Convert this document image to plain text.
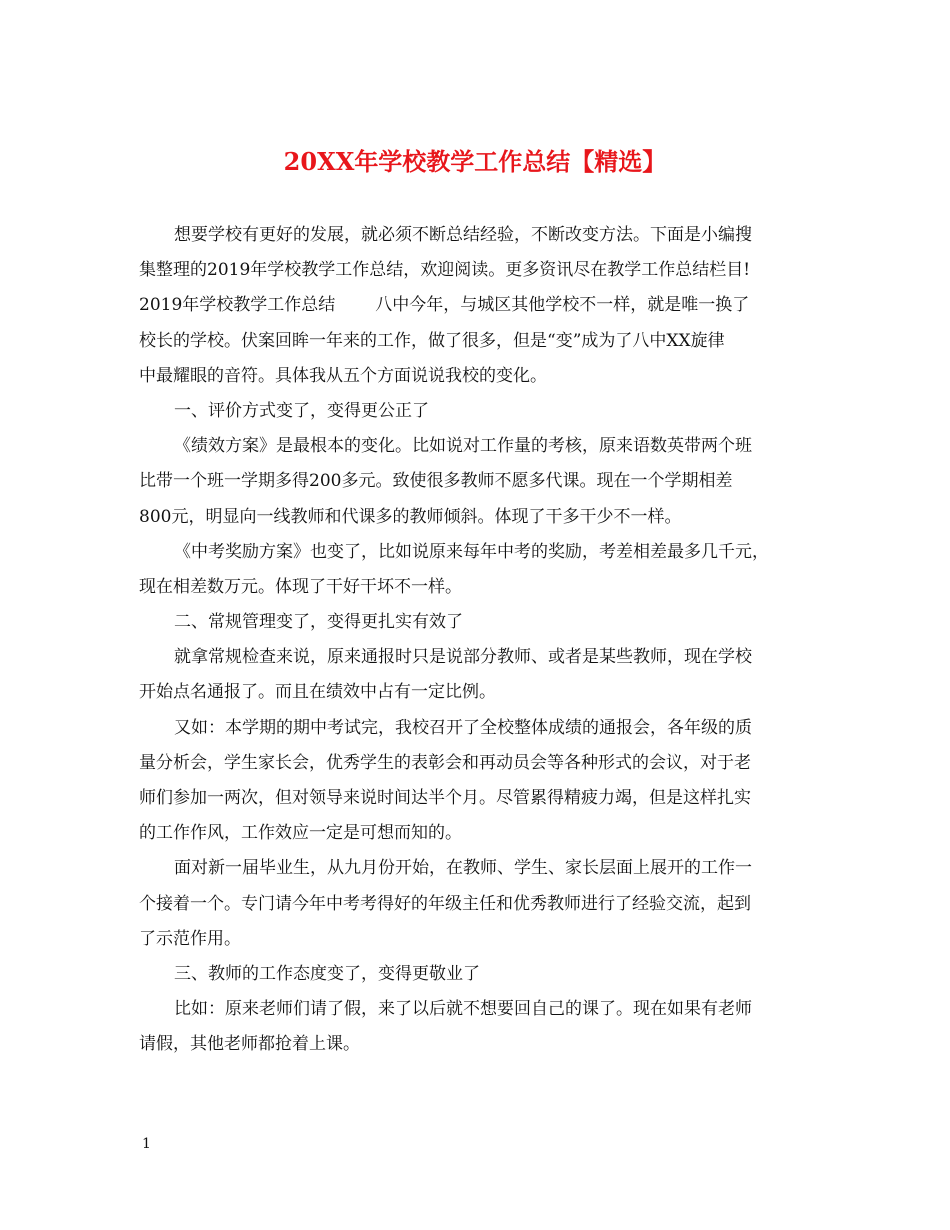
20XX年学校教学工作总结【精选】

想要学校有更好的发展，就必须不断总结经验，不断改变方法。下面是小编搜

集整理的2019年学校教学工作总结，欢迎阅读。更多资讯尽在教学工作总结栏目!

2019年学校教学工作总结 八中今年，与城区其他学校不一样，就是唯一换了

校长的学校。伏案回眸一年来的工作，做了很多，但是“变”成为了八中XX旋律

中最耀眼的音符。具体我从五个方面说说我校的变化。

一、评价方式变了，变得更公正了

《绩效方案》是最根本的变化。比如说对工作量的考核，原来语数英带两个班

比带一个班一学期多得200多元。致使很多教师不愿多代课。现在一个学期相差

800元，明显向一线教师和代课多的教师倾斜。体现了干多干少不一样。

《中考奖励方案》也变了，比如说原来每年中考的奖励，考差相差最多几千元，

现在相差数万元。体现了干好干坏不一样。

二、常规管理变了，变得更扎实有效了

就拿常规检查来说，原来通报时只是说部分教师、或者是某些教师，现在学校

开始点名通报了。而且在绩效中占有一定比例。

又如：本学期的期中考试完，我校召开了全校整体成绩的通报会，各年级的质

量分析会，学生家长会，优秀学生的表彰会和再动员会等各种形式的会议，对于老

师们参加一两次，但对领导来说时间达半个月。尽管累得精疲力竭，但是这样扎实

的工作作风，工作效应一定是可想而知的。

面对新一届毕业生，从九月份开始，在教师、学生、家长层面上展开的工作一

个接着一个。专门请今年中考考得好的年级主任和优秀教师进行了经验交流，起到

了示范作用。

三、教师的工作态度变了，变得更敬业了

比如：原来老师们请了假，来了以后就不想要回自己的课了。现在如果有老师

请假，其他老师都抢着上课。

1
